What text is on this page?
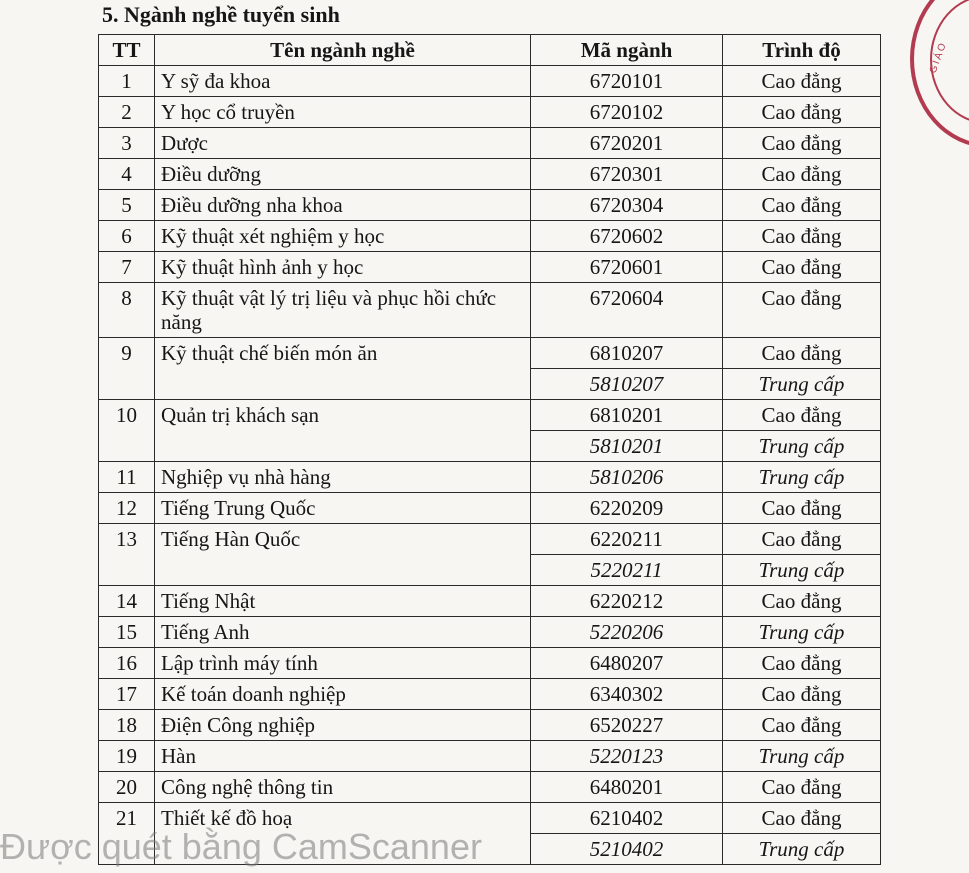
5. Ngành nghề tuyển sinh
TT	Tên ngành nghề	Mã ngành	Trình độ
1	Y sỹ đa khoa	6720101	Cao đẳng
2	Y học cổ truyền	6720102	Cao đẳng
3	Dược	6720201	Cao đẳng
4	Điều dưỡng	6720301	Cao đẳng
5	Điều dưỡng nha khoa	6720304	Cao đẳng
6	Kỹ thuật xét nghiệm y học	6720602	Cao đẳng
7	Kỹ thuật hình ảnh y học	6720601	Cao đẳng
8	Kỹ thuật vật lý trị liệu và phục hồi chức năng	6720604	Cao đẳng
9	Kỹ thuật chế biến món ăn	6810207	Cao đẳng
		5810207	Trung cấp
10	Quản trị khách sạn	6810201	Cao đẳng
		5810201	Trung cấp
11	Nghiệp vụ nhà hàng	5810206	Trung cấp
12	Tiếng Trung Quốc	6220209	Cao đẳng
13	Tiếng Hàn Quốc	6220211	Cao đẳng
		5220211	Trung cấp
14	Tiếng Nhật	6220212	Cao đẳng
15	Tiếng Anh	5220206	Trung cấp
16	Lập trình máy tính	6480207	Cao đẳng
17	Kế toán doanh nghiệp	6340302	Cao đẳng
18	Điện Công nghiệp	6520227	Cao đẳng
19	Hàn	5220123	Trung cấp
20	Công nghệ thông tin	6480201	Cao đẳng
21	Thiết kế đồ hoạ	6210402	Cao đẳng
		5210402	Trung cấp
GIÁO
Được quét bằng CamScanner
